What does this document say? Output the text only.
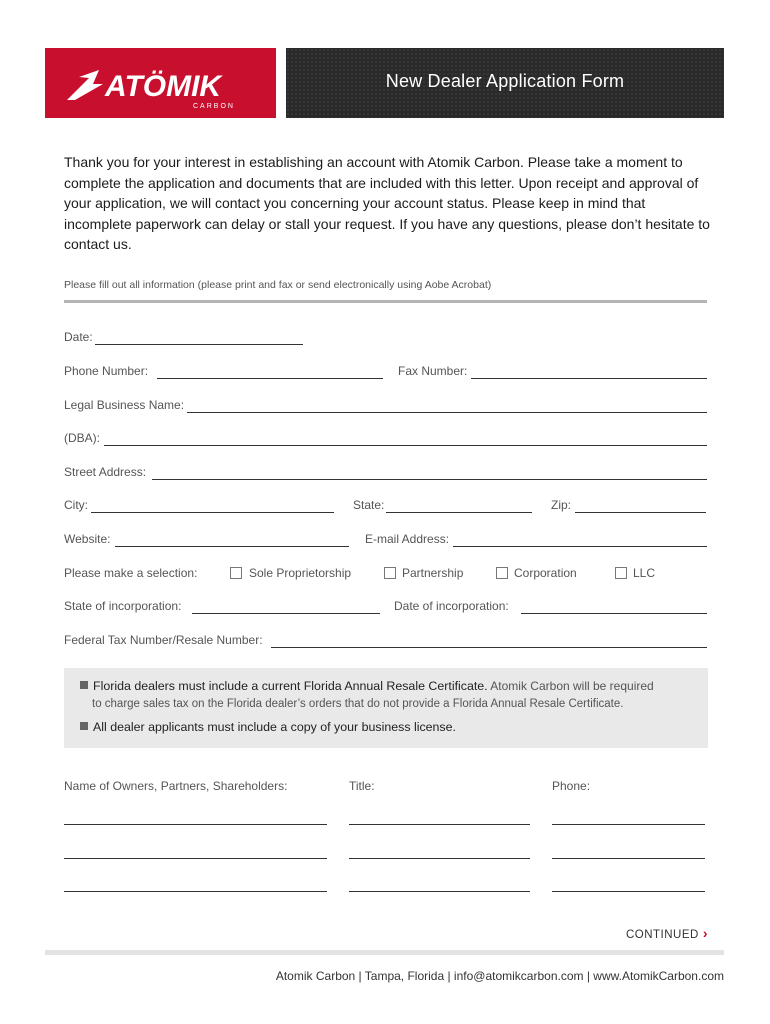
ATÖMIK
CARBON
New Dealer Application Form
Thank you for your interest in establishing an account with Atomik Carbon. Please take a moment to complete the application and documents that are included with this letter. Upon receipt and approval of your application, we will contact you concerning your account status. Please keep in mind that incomplete paperwork can delay or stall your request. If you have any questions, please don’t hesitate to contact us.
Please fill out all information (please print and fax or send electronically using Aobe Acrobat)
Date:
Phone Number:	Fax Number:
Legal Business Name:
(DBA):
Street Address:
City:	State:	Zip:
Website:	E-mail Address:
Please make a selection:	Sole Proprietorship	Partnership	Corporation	LLC
State of incorporation:	Date of incorporation:
Federal Tax Number/Resale Number:
Florida dealers must include a current Florida Annual Resale Certificate. Atomik Carbon will be required
to charge sales tax on the Florida dealer’s orders that do not provide a Florida Annual Resale Certificate.
All dealer applicants must include a copy of your business license.
Name of Owners, Partners, Shareholders:	Title:	Phone:
CONTINUED ›
Atomik Carbon | Tampa, Florida | info@atomikcarbon.com | www.AtomikCarbon.com
